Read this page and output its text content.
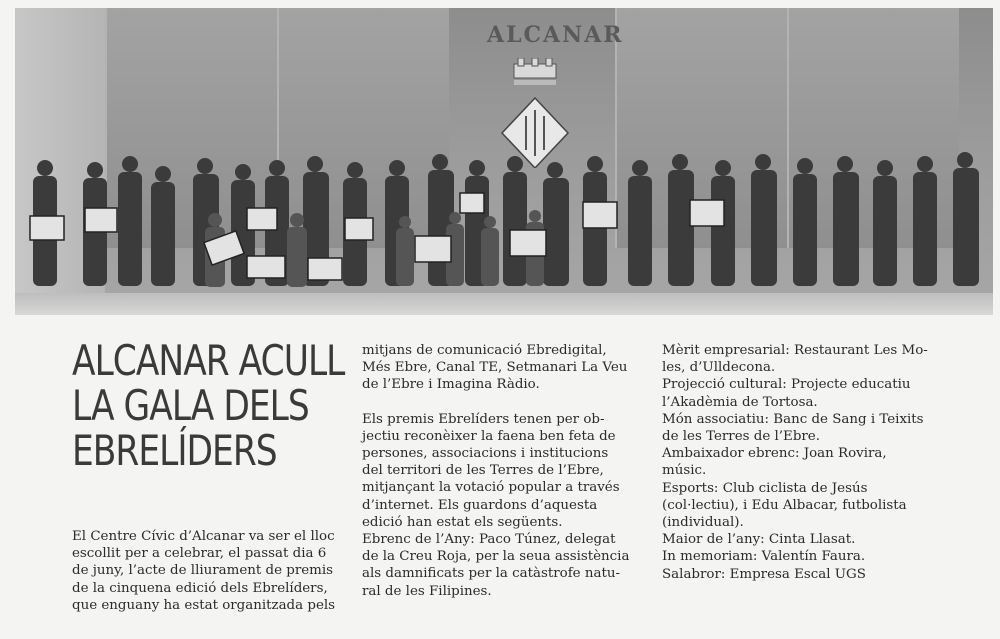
ALCANAR
ALCANAR ACULL
LA GALA DELS
EBRELÍDERS
El Centre Cívic d’Alcanar va ser el lloc
escollit per a celebrar, el passat dia 6
de juny, l’acte de lliurament de premis
de la cinquena edició dels Ebrelíders,
que enguany ha estat organitzada pels
mitjans de comunicació Ebredigital,
Més Ebre, Canal TE, Setmanari La Veu
de l’Ebre i Imagina Ràdio.
Els premis Ebrelíders tenen per ob-
jectiu reconèixer la faena ben feta de
persones, associacions i institucions
del territori de les Terres de l’Ebre,
mitjançant la votació popular a través
d’internet. Els guardons d’aquesta
edició han estat els següents.
Ebrenc de l’Any: Paco Túnez, delegat
de la Creu Roja, per la seua assistència
als damnificats per la catàstrofe natu-
ral de les Filipines.
Mèrit empresarial: Restaurant Les Mo-
les, d’Ulldecona.
Projecció cultural: Projecte educatiu
l’Akadèmia de Tortosa.
Món associatiu: Banc de Sang i Teixits
de les Terres de l’Ebre.
Ambaixador ebrenc: Joan Rovira,
músic.
Esports: Club ciclista de Jesús
(col·lectiu), i Edu Albacar, futbolista
(individual).
Maior de l’any: Cinta Llasat.
In memoriam: Valentín Faura.
Salabror: Empresa Escal UGS
